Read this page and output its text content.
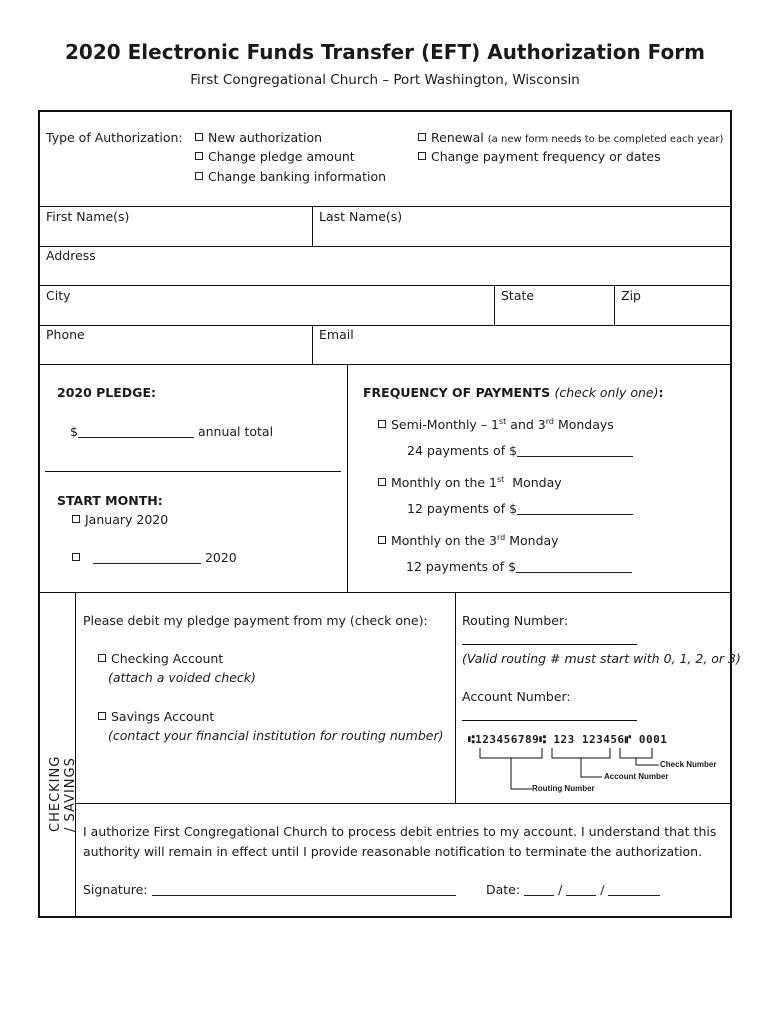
2020 Electronic Funds Transfer (EFT) Authorization Form
First Congregational Church – Port Washington, Wisconsin
Type of Authorization:	New authorization
Change pledge amount
Change banking information
Renewal (a new form needs to be completed each year)
Change payment frequency or dates
First Name(s)	Last Name(s)
Address
City	State	Zip
Phone	Email
2020 PLEDGE:
$	annual total
START MONTH:
January 2020
2020
FREQUENCY OF PAYMENTS (check only one):
Semi-Monthly – 1st and 3rd Mondays
24 payments of $
Monthly on the 1st Monday
12 payments of $
Monthly on the 3rd Monday
12 payments of $
CHECKING / SAVINGS
Please debit my pledge payment from my (check one):
Checking Account
(attach a voided check)
Savings Account
(contact your financial institution for routing number)
Routing Number:
(Valid routing # must start with 0, 1, 2, or 3)
Account Number:
⑆123456789⑆ 123 123456⑈ 0001
Check Number
Account Number
Routing Number
I authorize First Congregational Church to process debit entries to my account. I understand that this
authority will remain in effect until I provide reasonable notification to terminate the authorization.
Signature:	Date:	/	/
